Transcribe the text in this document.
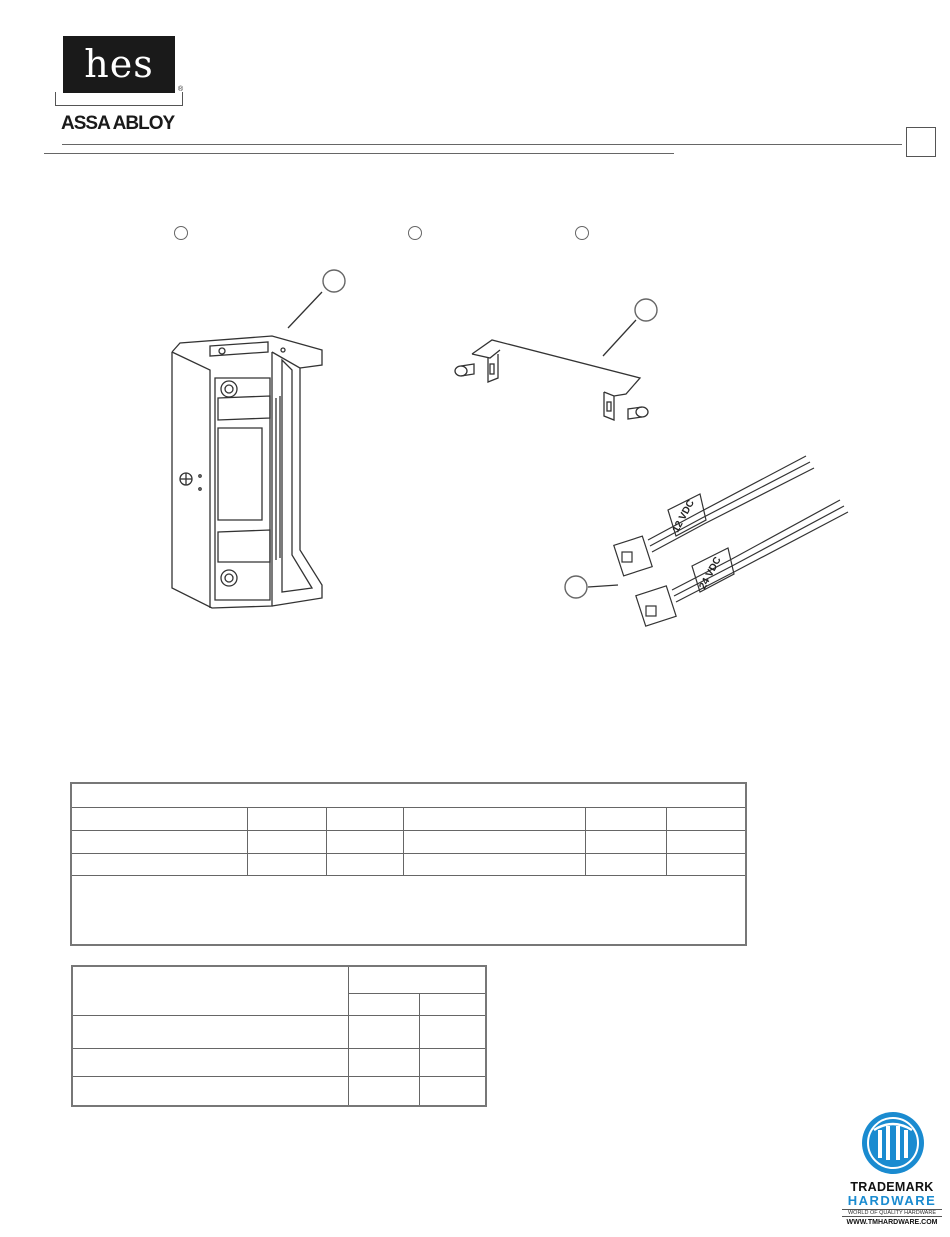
hes
®
ASSA ABLOY
12 VDC
24 VDC

TRADEMARK
HARDWARE
WORLD OF QUALITY HARDWARE
WWW.TMHARDWARE.COM
